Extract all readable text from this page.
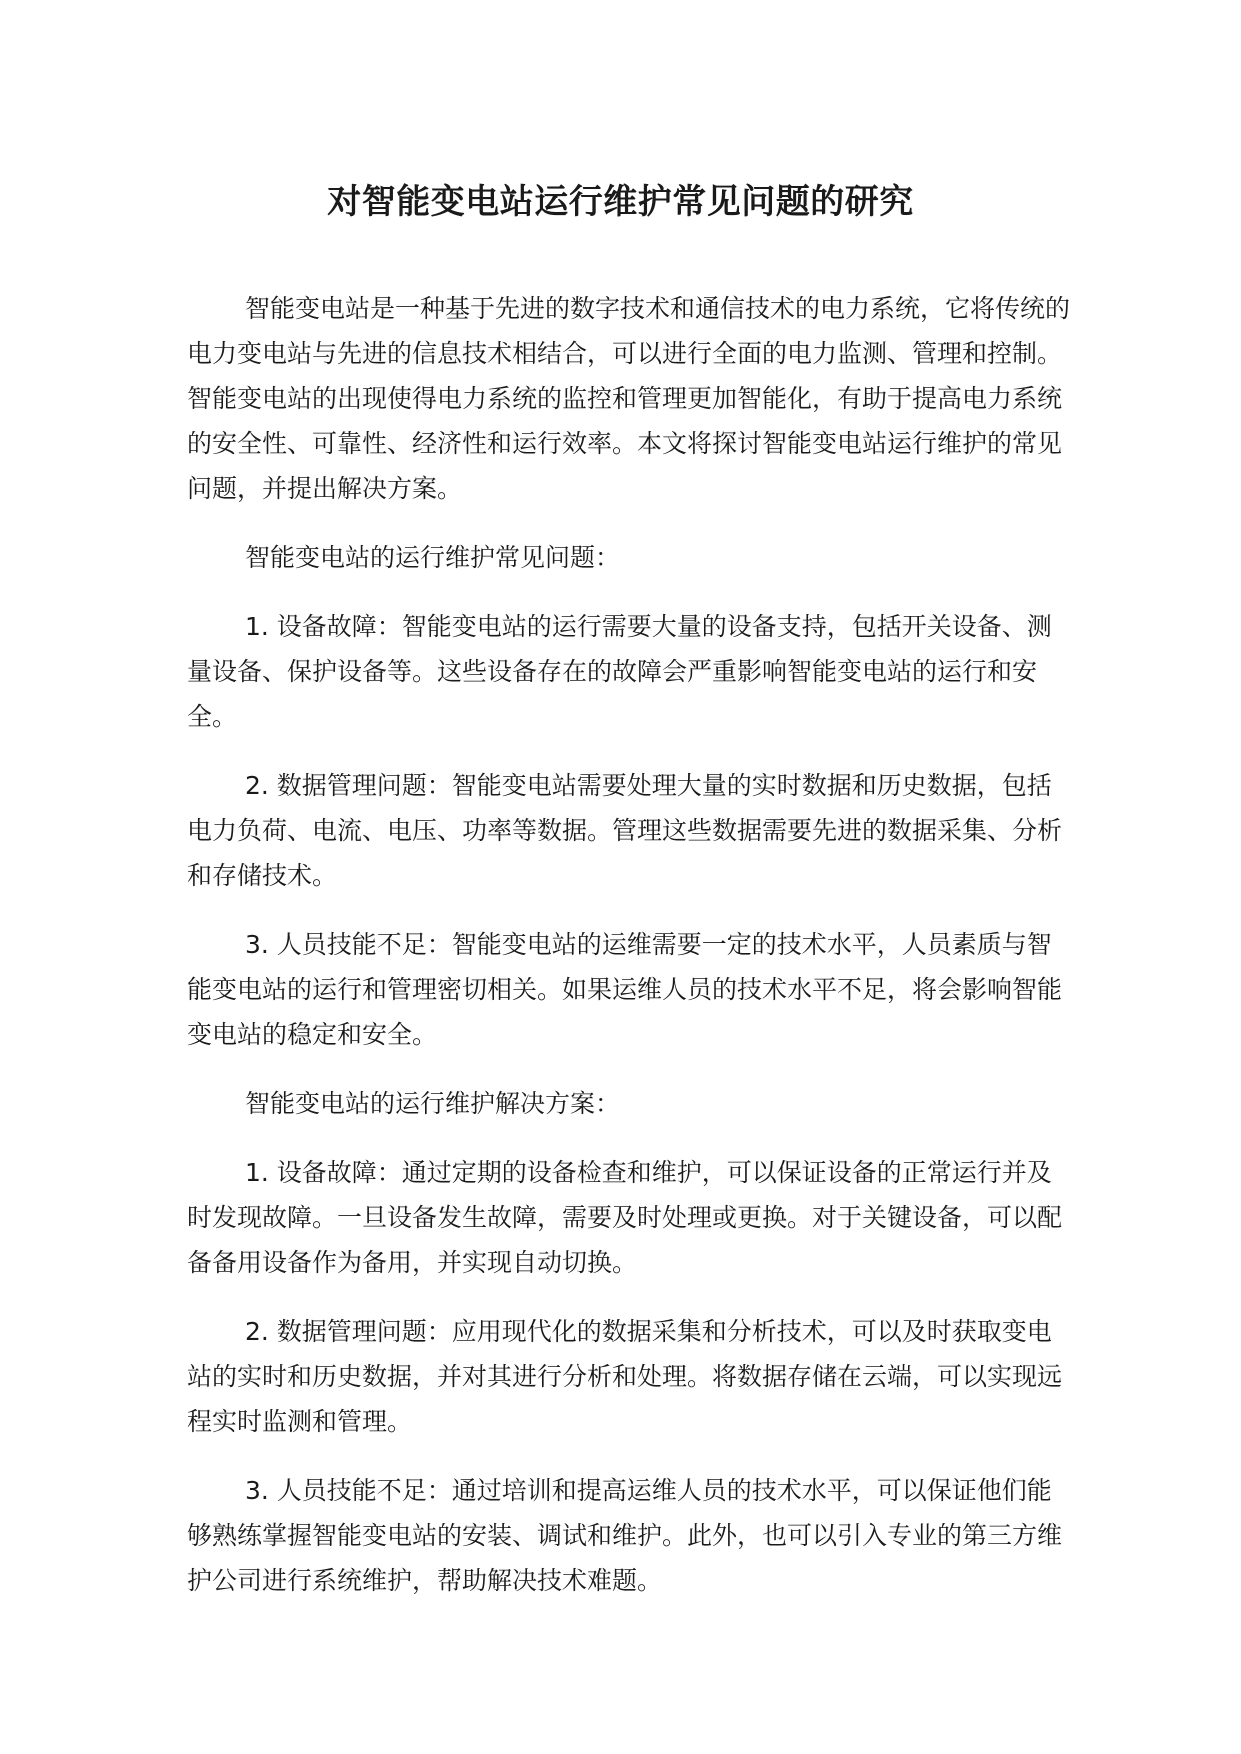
对智能变电站运行维护常见问题的研究

智能变电站是一种基于先进的数字技术和通信技术的电力系统，它将传统的电力变电站与先进的信息技术相结合，可以进行全面的电力监测、管理和控制。智能变电站的出现使得电力系统的监控和管理更加智能化，有助于提高电力系统的安全性、可靠性、经济性和运行效率。本文将探讨智能变电站运行维护的常见问题，并提出解决方案。

智能变电站的运行维护常见问题：

1. 设备故障：智能变电站的运行需要大量的设备支持，包括开关设备、测量设备、保护设备等。这些设备存在的故障会严重影响智能变电站的运行和安全。

2. 数据管理问题：智能变电站需要处理大量的实时数据和历史数据，包括电力负荷、电流、电压、功率等数据。管理这些数据需要先进的数据采集、分析和存储技术。

3. 人员技能不足：智能变电站的运维需要一定的技术水平，人员素质与智能变电站的运行和管理密切相关。如果运维人员的技术水平不足，将会影响智能变电站的稳定和安全。

智能变电站的运行维护解决方案：

1. 设备故障：通过定期的设备检查和维护，可以保证设备的正常运行并及时发现故障。一旦设备发生故障，需要及时处理或更换。对于关键设备，可以配备备用设备作为备用，并实现自动切换。

2. 数据管理问题：应用现代化的数据采集和分析技术，可以及时获取变电站的实时和历史数据，并对其进行分析和处理。将数据存储在云端，可以实现远程实时监测和管理。

3. 人员技能不足：通过培训和提高运维人员的技术水平，可以保证他们能够熟练掌握智能变电站的安装、调试和维护。此外，也可以引入专业的第三方维护公司进行系统维护，帮助解决技术难题。
